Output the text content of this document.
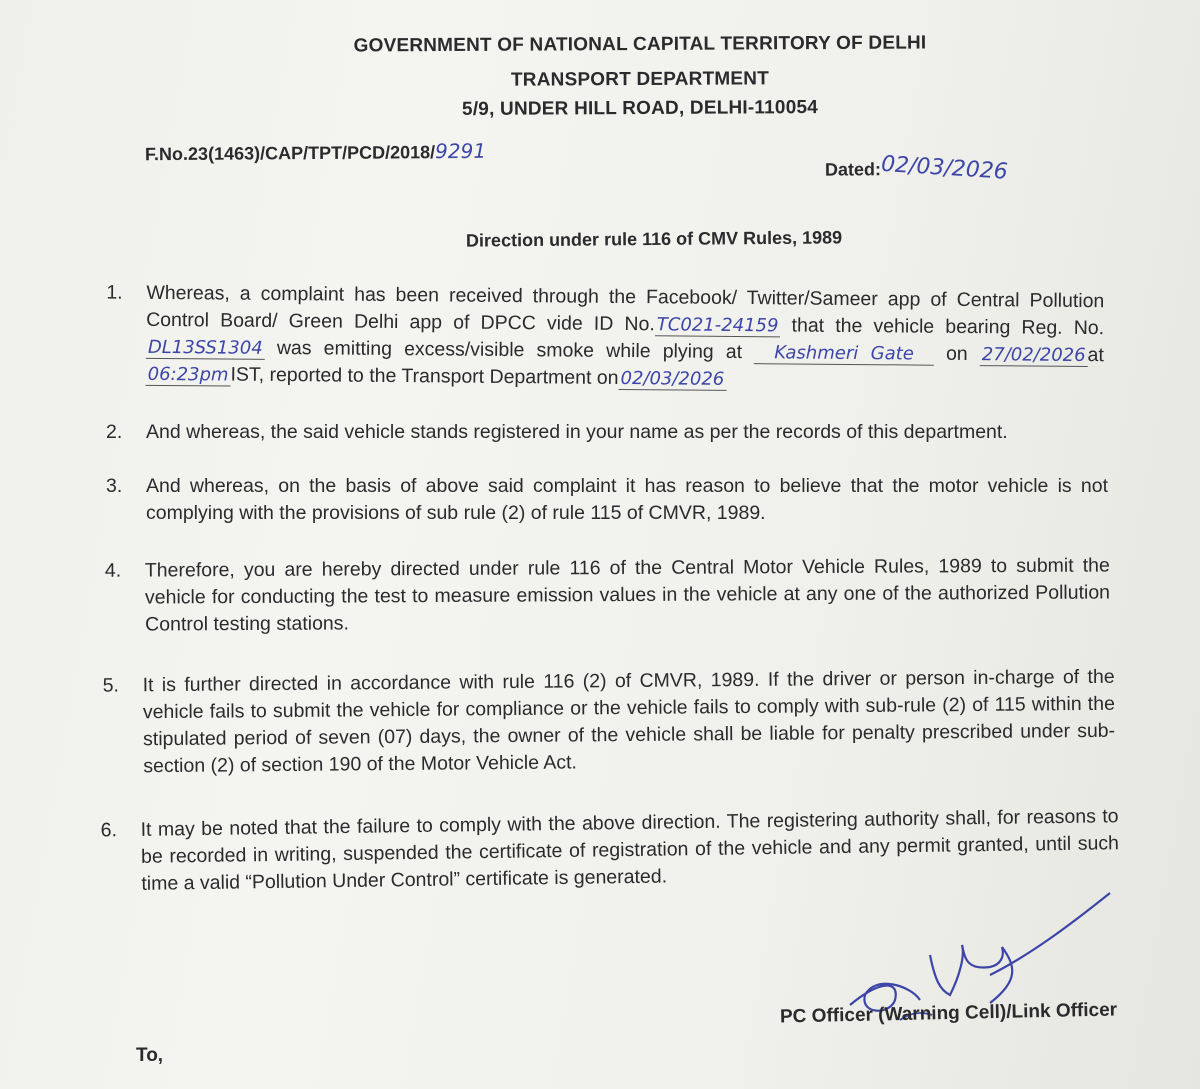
GOVERNMENT OF NATIONAL CAPITAL TERRITORY OF DELHI
TRANSPORT DEPARTMENT
5/9, UNDER HILL ROAD, DELHI-110054
F.No.23(1463)/CAP/TPT/PCD/2018/9291
Dated:02/03/2026
Direction under rule 116 of CMV Rules, 1989
1. Whereas, a complaint has been received through the Facebook/ Twitter/Sameer app of Central Pollution Control Board/ Green Delhi app of DPCC vide ID No. TC021-24159 that the vehicle bearing Reg. No. DL13SS1304 was emitting excess/visible smoke while plying at Kashmeri Gate on 27/02/2026at 06:23pmIST, reported to the Transport Department on 02/03/2026

2. And whereas, the said vehicle stands registered in your name as per the records of this department.

3. And whereas, on the basis of above said complaint it has reason to believe that the motor vehicle is not complying with the provisions of sub rule (2) of rule 115 of CMVR, 1989.

4. Therefore, you are hereby directed under rule 116 of the Central Motor Vehicle Rules, 1989 to submit the vehicle for conducting the test to measure emission values in the vehicle at any one of the authorized Pollution Control testing stations.

5. It is further directed in accordance with rule 116 (2) of CMVR, 1989. If the driver or person in-charge of the vehicle fails to submit the vehicle for compliance or the vehicle fails to comply with sub-rule (2) of 115 within the stipulated period of seven (07) days, the owner of the vehicle shall be liable for penalty prescribed under sub- section (2) of section 190 of the Motor Vehicle Act.

6. It may be noted that the failure to comply with the above direction. The registering authority shall, for reasons to be recorded in writing, suspended the certificate of registration of the vehicle and any permit granted, until such time a valid “Pollution Under Control” certificate is generated.

PC Officer (Warning Cell)/Link Officer
To,
